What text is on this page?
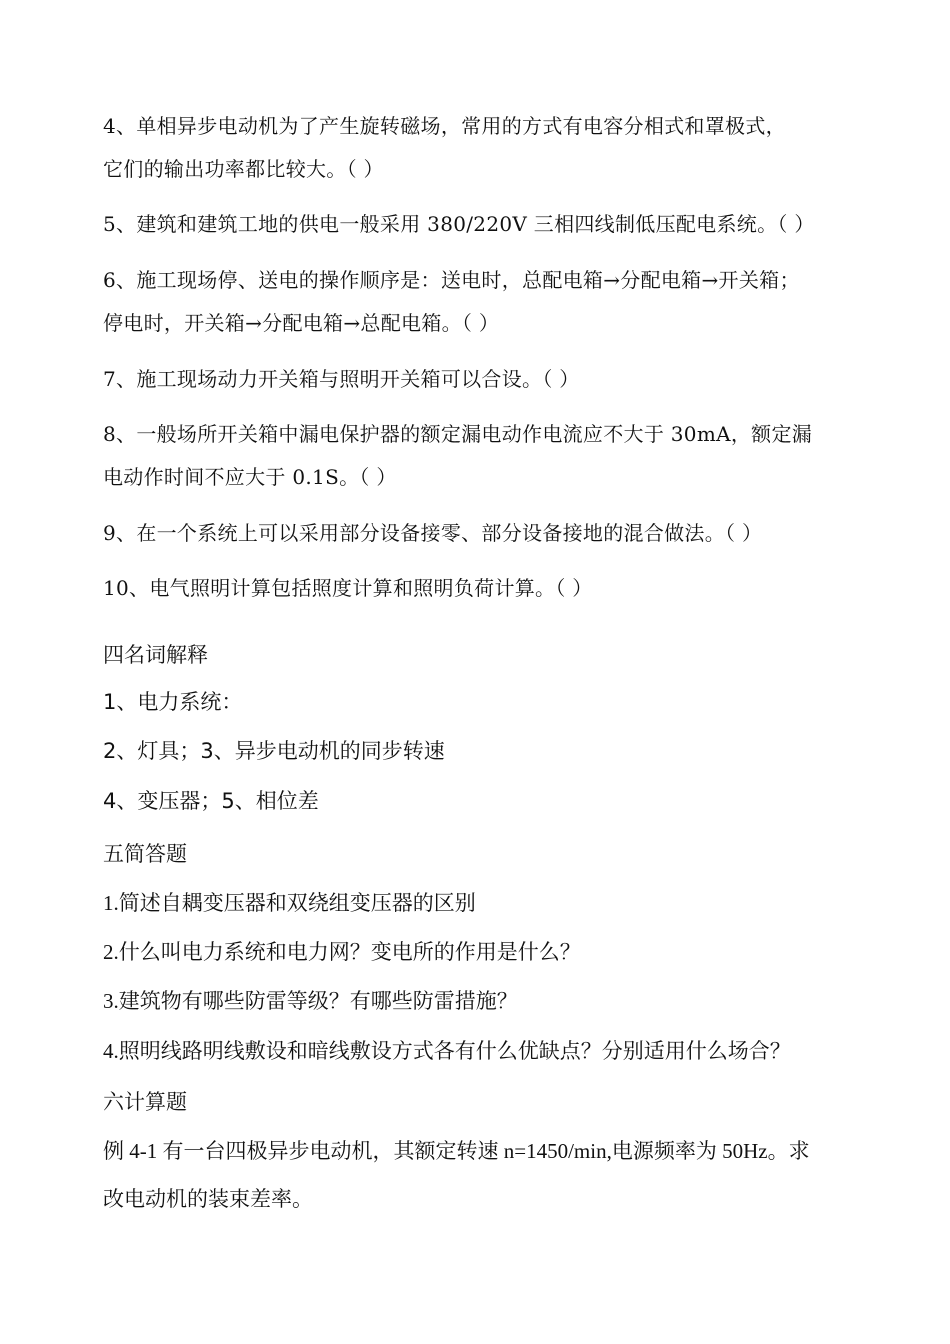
4、单相异步电动机为了产生旋转磁场，常用的方式有电容分相式和罩极式，
它们的输出功率都比较大。（ ）
5、建筑和建筑工地的供电一般采用 380/220V 三相四线制低压配电系统。（ ）
6、施工现场停、送电的操作顺序是：送电时，总配电箱→分配电箱→开关箱；
停电时，开关箱→分配电箱→总配电箱。（ ）
7、施工现场动力开关箱与照明开关箱可以合设。（ ）
8、一般场所开关箱中漏电保护器的额定漏电动作电流应不大于 30mA，额定漏
电动作时间不应大于 0.1S。（ ）
9、在一个系统上可以采用部分设备接零、部分设备接地的混合做法。（ ）
10、电气照明计算包括照度计算和照明负荷计算。（ ）
四名词解释
1、电力系统：
2、灯具；3、异步电动机的同步转速
4、变压器；5、相位差
五简答题
1.简述自耦变压器和双绕组变压器的区别
2.什么叫电力系统和电力网？变电所的作用是什么？
3.建筑物有哪些防雷等级？有哪些防雷措施？
4.照明线路明线敷设和暗线敷设方式各有什么优缺点？分别适用什么场合？
六计算题
例 4-1 有一台四极异步电动机，其额定转速 n=1450/min,电源频率为 50Hz。求
改电动机的装束差率。
